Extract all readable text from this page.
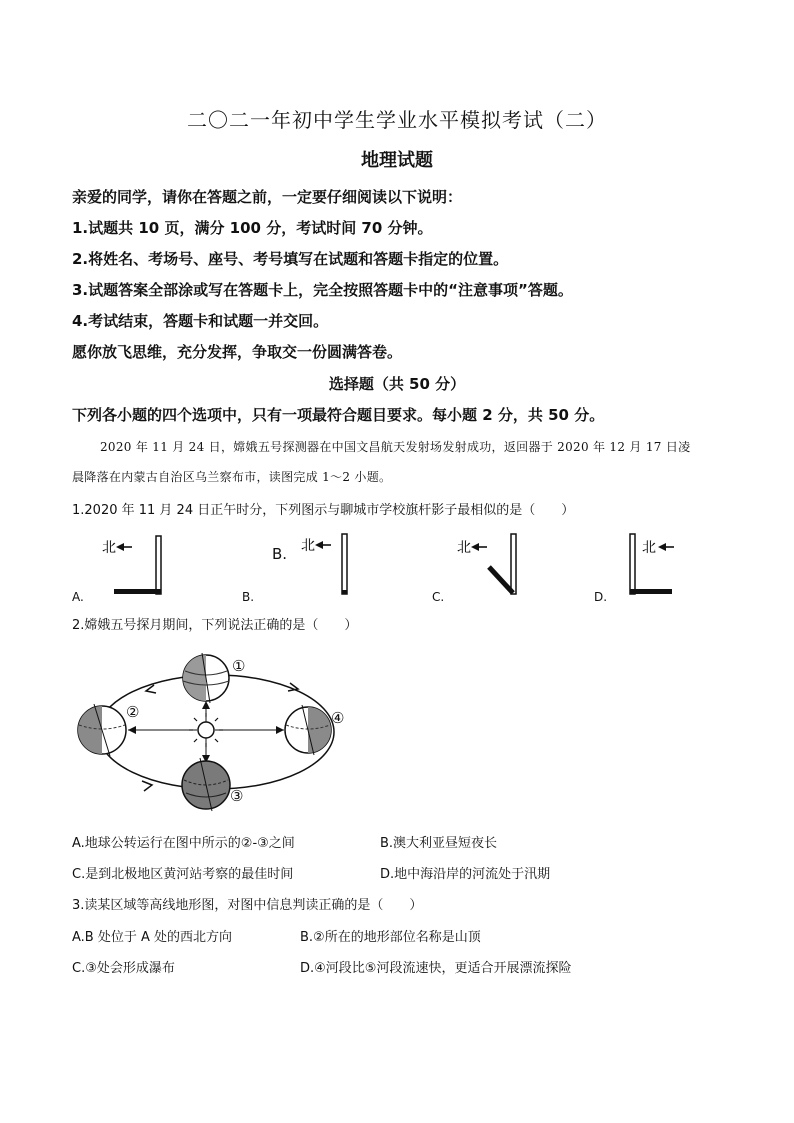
二〇二一年初中学生学业水平模拟考试（二）
地理试题
亲爱的同学，请你在答题之前，一定要仔细阅读以下说明：
1.试题共 10 页，满分 100 分，考试时间 70 分钟。
2.将姓名、考场号、座号、考号填写在试题和答题卡指定的位置。
3.试题答案全部涂或写在答题卡上，完全按照答题卡中的“注意事项”答题。
4.考试结束，答题卡和试题一并交回。
愿你放飞思维，充分发挥，争取交一份圆满答卷。
选择题（共 50 分）
下列各小题的四个选项中，只有一项最符合题目要求。每小题 2 分，共 50 分。
2020 年 11 月 24 日，嫦娥五号探测器在中国文昌航天发射场发射成功，返回器于 2020 年 12 月 17 日凌
晨降落在内蒙古自治区乌兰察布市，读图完成 1～2 小题。
1.2020 年 11 月 24 日正午时分，下列图示与聊城市学校旗杆影子最相似的是（　　）
北
A.
北
B.
B.
北
C.
北
D.
2.嫦娥五号探月期间，下列说法正确的是（　　）
①
②
③
④
A.地球公转运行在图中所示的②-③之间	B.澳大利亚昼短夜长
C.是到北极地区黄河站考察的最佳时间	D.地中海沿岸的河流处于汛期
3.读某区域等高线地形图，对图中信息判读正确的是（　　）
A.B 处位于 A 处的西北方向	B.②所在的地形部位名称是山顶
C.③处会形成瀑布	D.④河段比⑤河段流速快，更适合开展漂流探险
